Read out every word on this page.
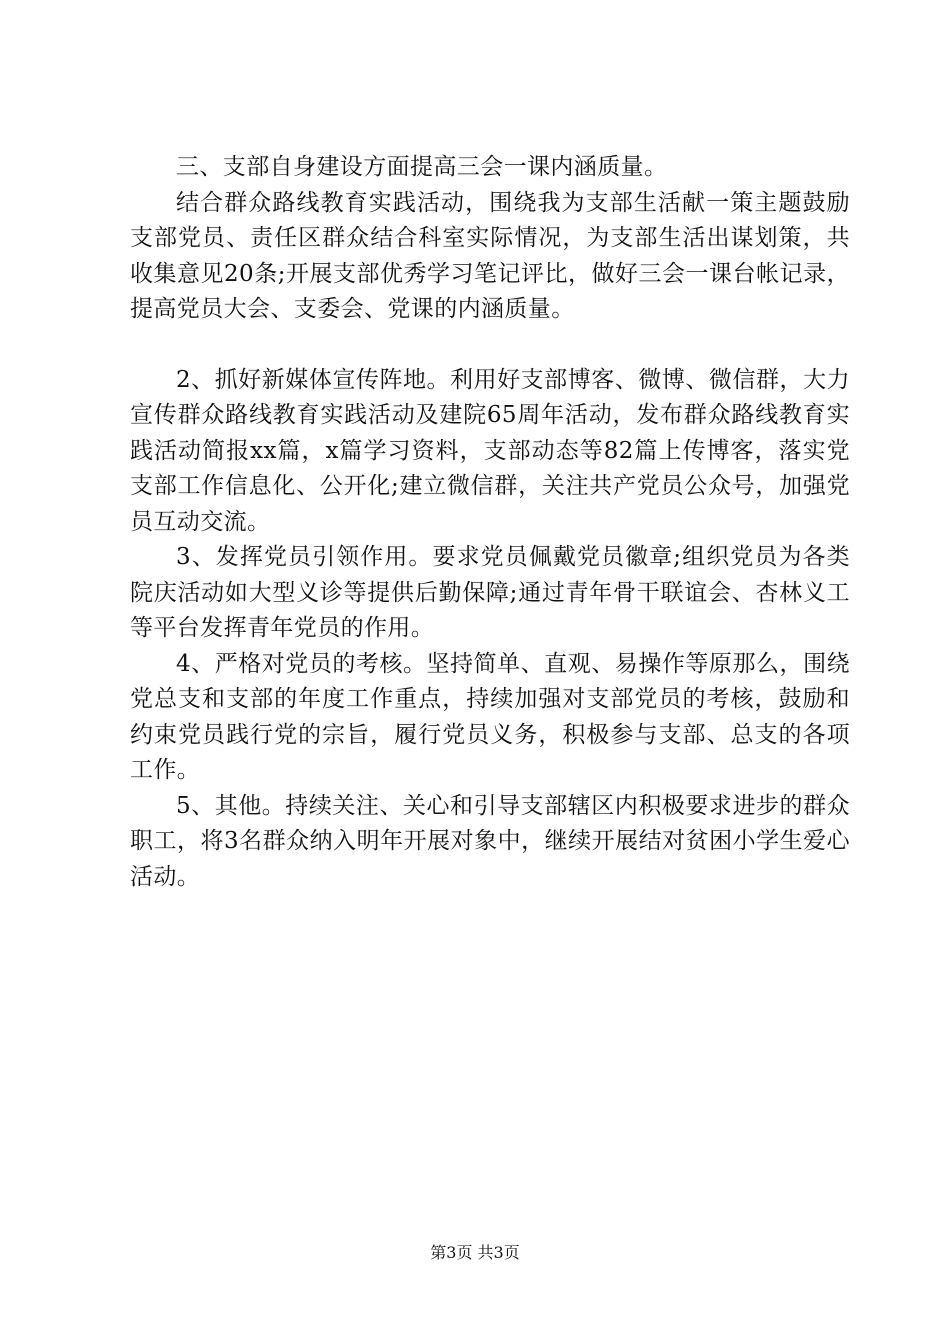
三、支部自身建设方面提高三会一课内涵质量。

结合群众路线教育实践活动，围绕我为支部生活献一策主题鼓励支部党员、责任区群众结合科室实际情况，为支部生活出谋划策，共收集意见20条;开展支部优秀学习笔记评比，做好三会一课台帐记录，提高党员大会、支委会、党课的内涵质量。

2、抓好新媒体宣传阵地。利用好支部博客、微博、微信群，大力宣传群众路线教育实践活动及建院65周年活动，发布群众路线教育实践活动简报xx篇，x篇学习资料，支部动态等82篇上传博客，落实党支部工作信息化、公开化;建立微信群，关注共产党员公众号，加强党员互动交流。

3、发挥党员引领作用。要求党员佩戴党员徽章;组织党员为各类院庆活动如大型义诊等提供后勤保障;通过青年骨干联谊会、杏林义工等平台发挥青年党员的作用。

4、严格对党员的考核。坚持简单、直观、易操作等原那么，围绕党总支和支部的年度工作重点，持续加强对支部党员的考核，鼓励和约束党员践行党的宗旨，履行党员义务，积极参与支部、总支的各项工作。

5、其他。持续关注、关心和引导支部辖区内积极要求进步的群众职工，将3名群众纳入明年开展对象中，继续开展结对贫困小学生爱心活动。

第3页 共3页
